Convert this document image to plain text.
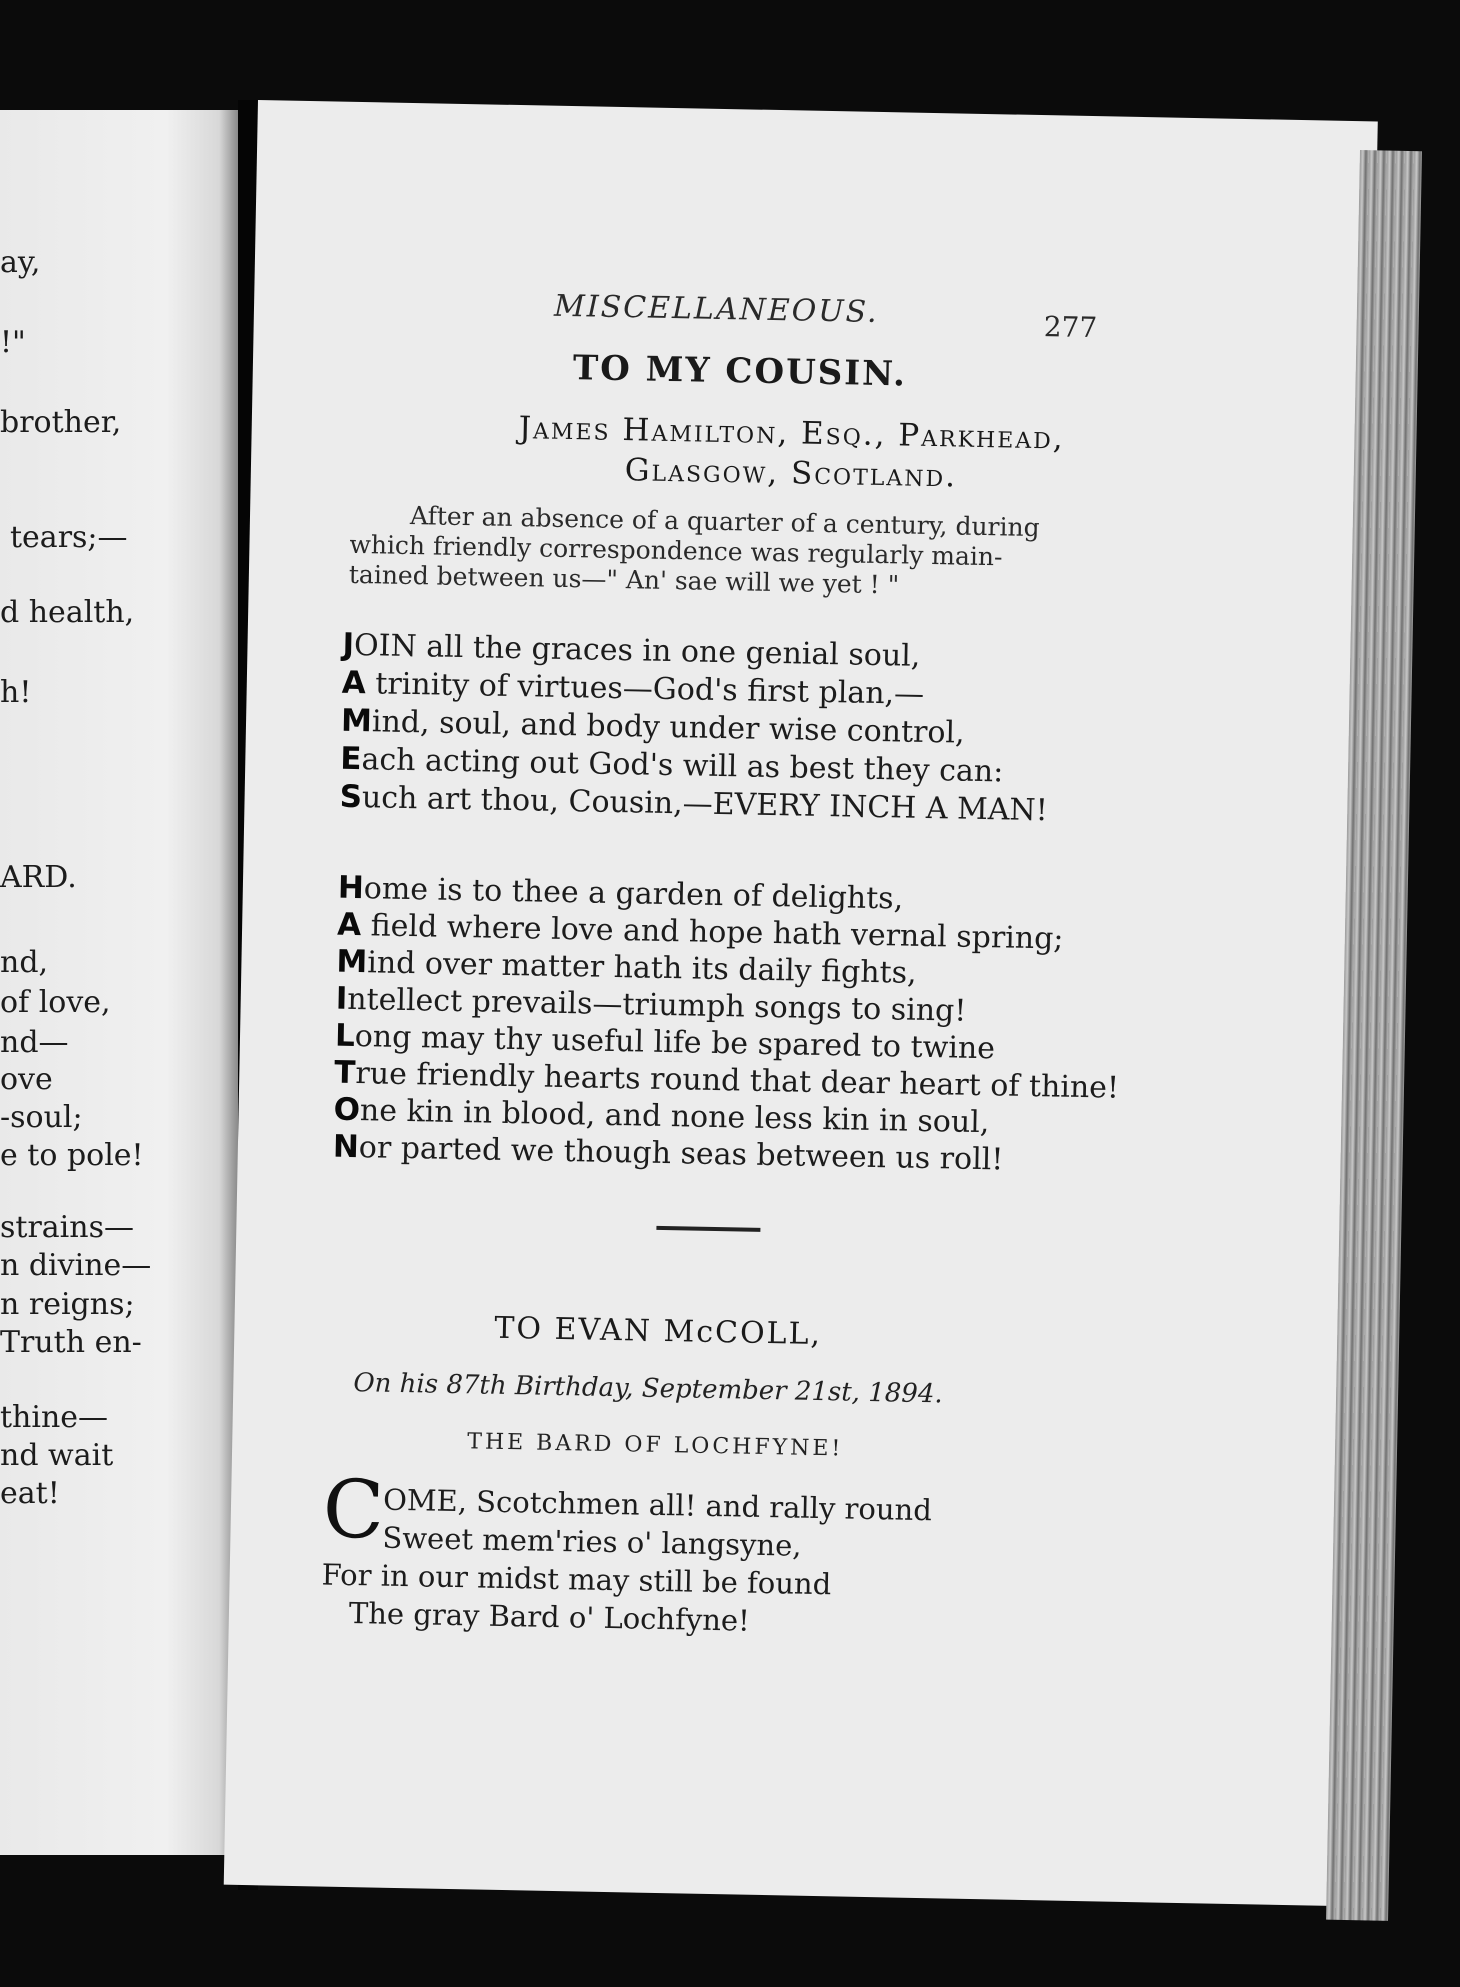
ay,
!"
brother,
tears;—
d health,
h!
ARD.
nd,
of love,
nd—
ove
-soul;
e to pole!
strains—
n divine—
n reigns;
Truth en-
thine—
nd wait
eat!
MISCELLANEOUS.	277
TO MY COUSIN.
James Hamilton, Esq., Parkhead,
Glasgow, Scotland.
After an absence of a quarter of a century, during
which friendly correspondence was regularly main-
tained between us—" An' sae will we yet ! "
JOIN all the graces in one genial soul,
A trinity of virtues—God's first plan,—
Mind, soul, and body under wise control,
Each acting out God's will as best they can:
Such art thou, Cousin,—EVERY INCH A MAN!
Home is to thee a garden of delights,
A field where love and hope hath vernal spring;
Mind over matter hath its daily fights,
Intellect prevails—triumph songs to sing!
Long may thy useful life be spared to twine
True friendly hearts round that dear heart of thine!
One kin in blood, and none less kin in soul,
Nor parted we though seas between us roll!
TO EVAN McCOLL,
On his 87th Birthday, September 21st, 1894.
THE BARD OF LOCHFYNE!
C
OME, Scotchmen all! and rally round
Sweet mem'ries o' langsyne,
For in our midst may still be found
The gray Bard o' Lochfyne!
